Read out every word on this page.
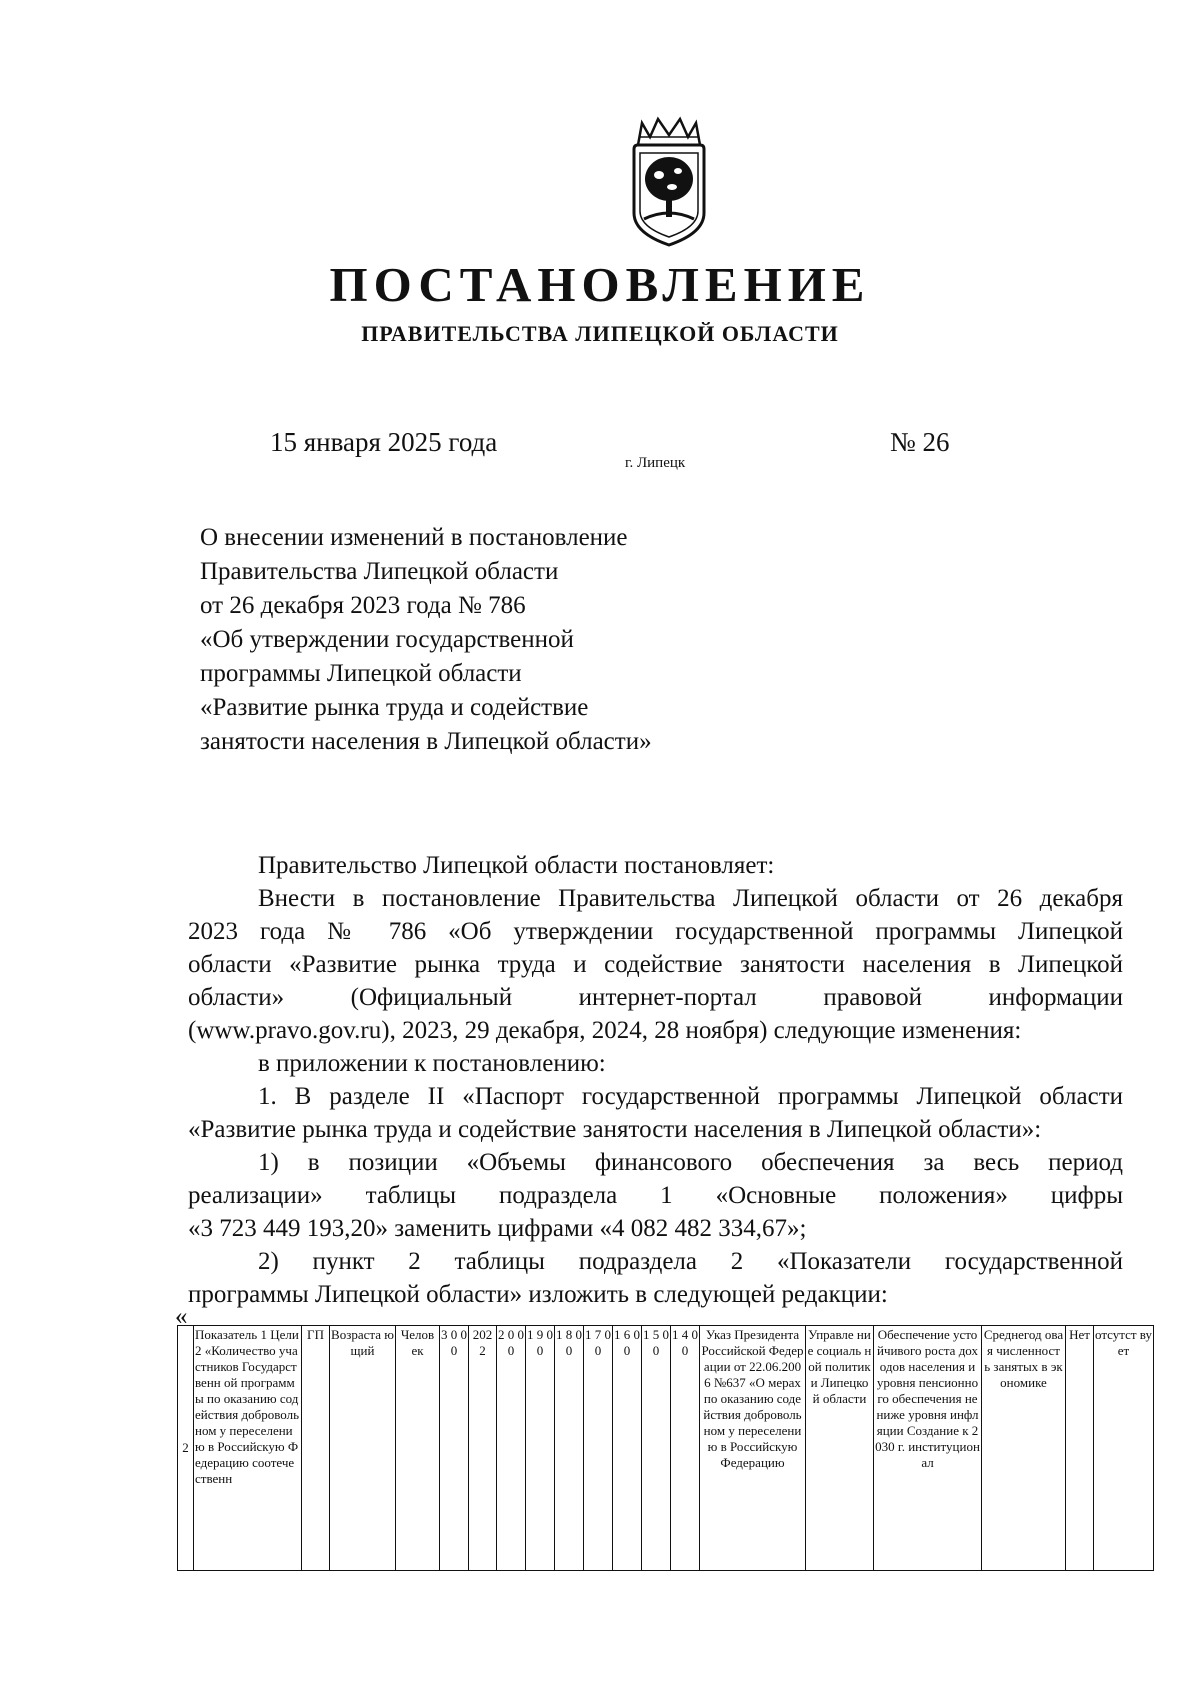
ПОСТАНОВЛЕНИЕ
ПРАВИТЕЛЬСТВА ЛИПЕЦКОЙ ОБЛАСТИ
15 января 2025 года
г. Липецк
№ 26
О внесении изменений в постановление
Правительства Липецкой области
от 26 декабря 2023 года № 786
«Об утверждении государственной
программы Липецкой области
«Развитие рынка труда и содействие
занятости населения в Липецкой области»
Правительство Липецкой области постановляет:
Внести в постановление Правительства Липецкой области от 26 декабря
2023 года № 786 «Об утверждении государственной программы Липецкой
области «Развитие рынка труда и содействие занятости населения в Липецкой
области» (Официальный интернет-портал правовой информации
(www.pravo.gov.ru), 2023, 29 декабря, 2024, 28 ноября) следующие изменения:
в приложении к постановлению:
1. В разделе II «Паспорт государственной программы Липецкой области
«Развитие рынка труда и содействие занятости населения в Липецкой области»:
1) в позиции «Объемы финансового обеспечения за весь период
реализации» таблицы подраздела 1 «Основные положения» цифры
«3 723 449 193,20» заменить цифрами «4 082 482 334,67»;
2) пункт 2 таблицы подраздела 2 «Показатели государственной
программы Липецкой области» изложить в следующей редакции:
«
2	Показатель 1 Цели 2 «Количество участников Государственн ой программы по оказанию содействия добровольном у переселению в Российскую Федерацию соотечественн	ГП	Возраста ющий	Челов ек	3 0 00	202 2	2 0 00	1 9 00	1 8 00	1 7 00	1 6 00	1 5 00	1 4 00	Указ Президента Российской Федерации от 22.06.2006 №637 «О мерах по оказанию содействия добровольном у переселению в Российскую Федерацию	Управле ние социаль ной политик и Липецко й области	Обеспечение устойчивого роста доходов населения и уровня пенсионного обеспечения не ниже уровня инфляции Создание к 2030 г. институционал	Среднегод овая численност ь занятых в экономике	Нет	отсутст вует
